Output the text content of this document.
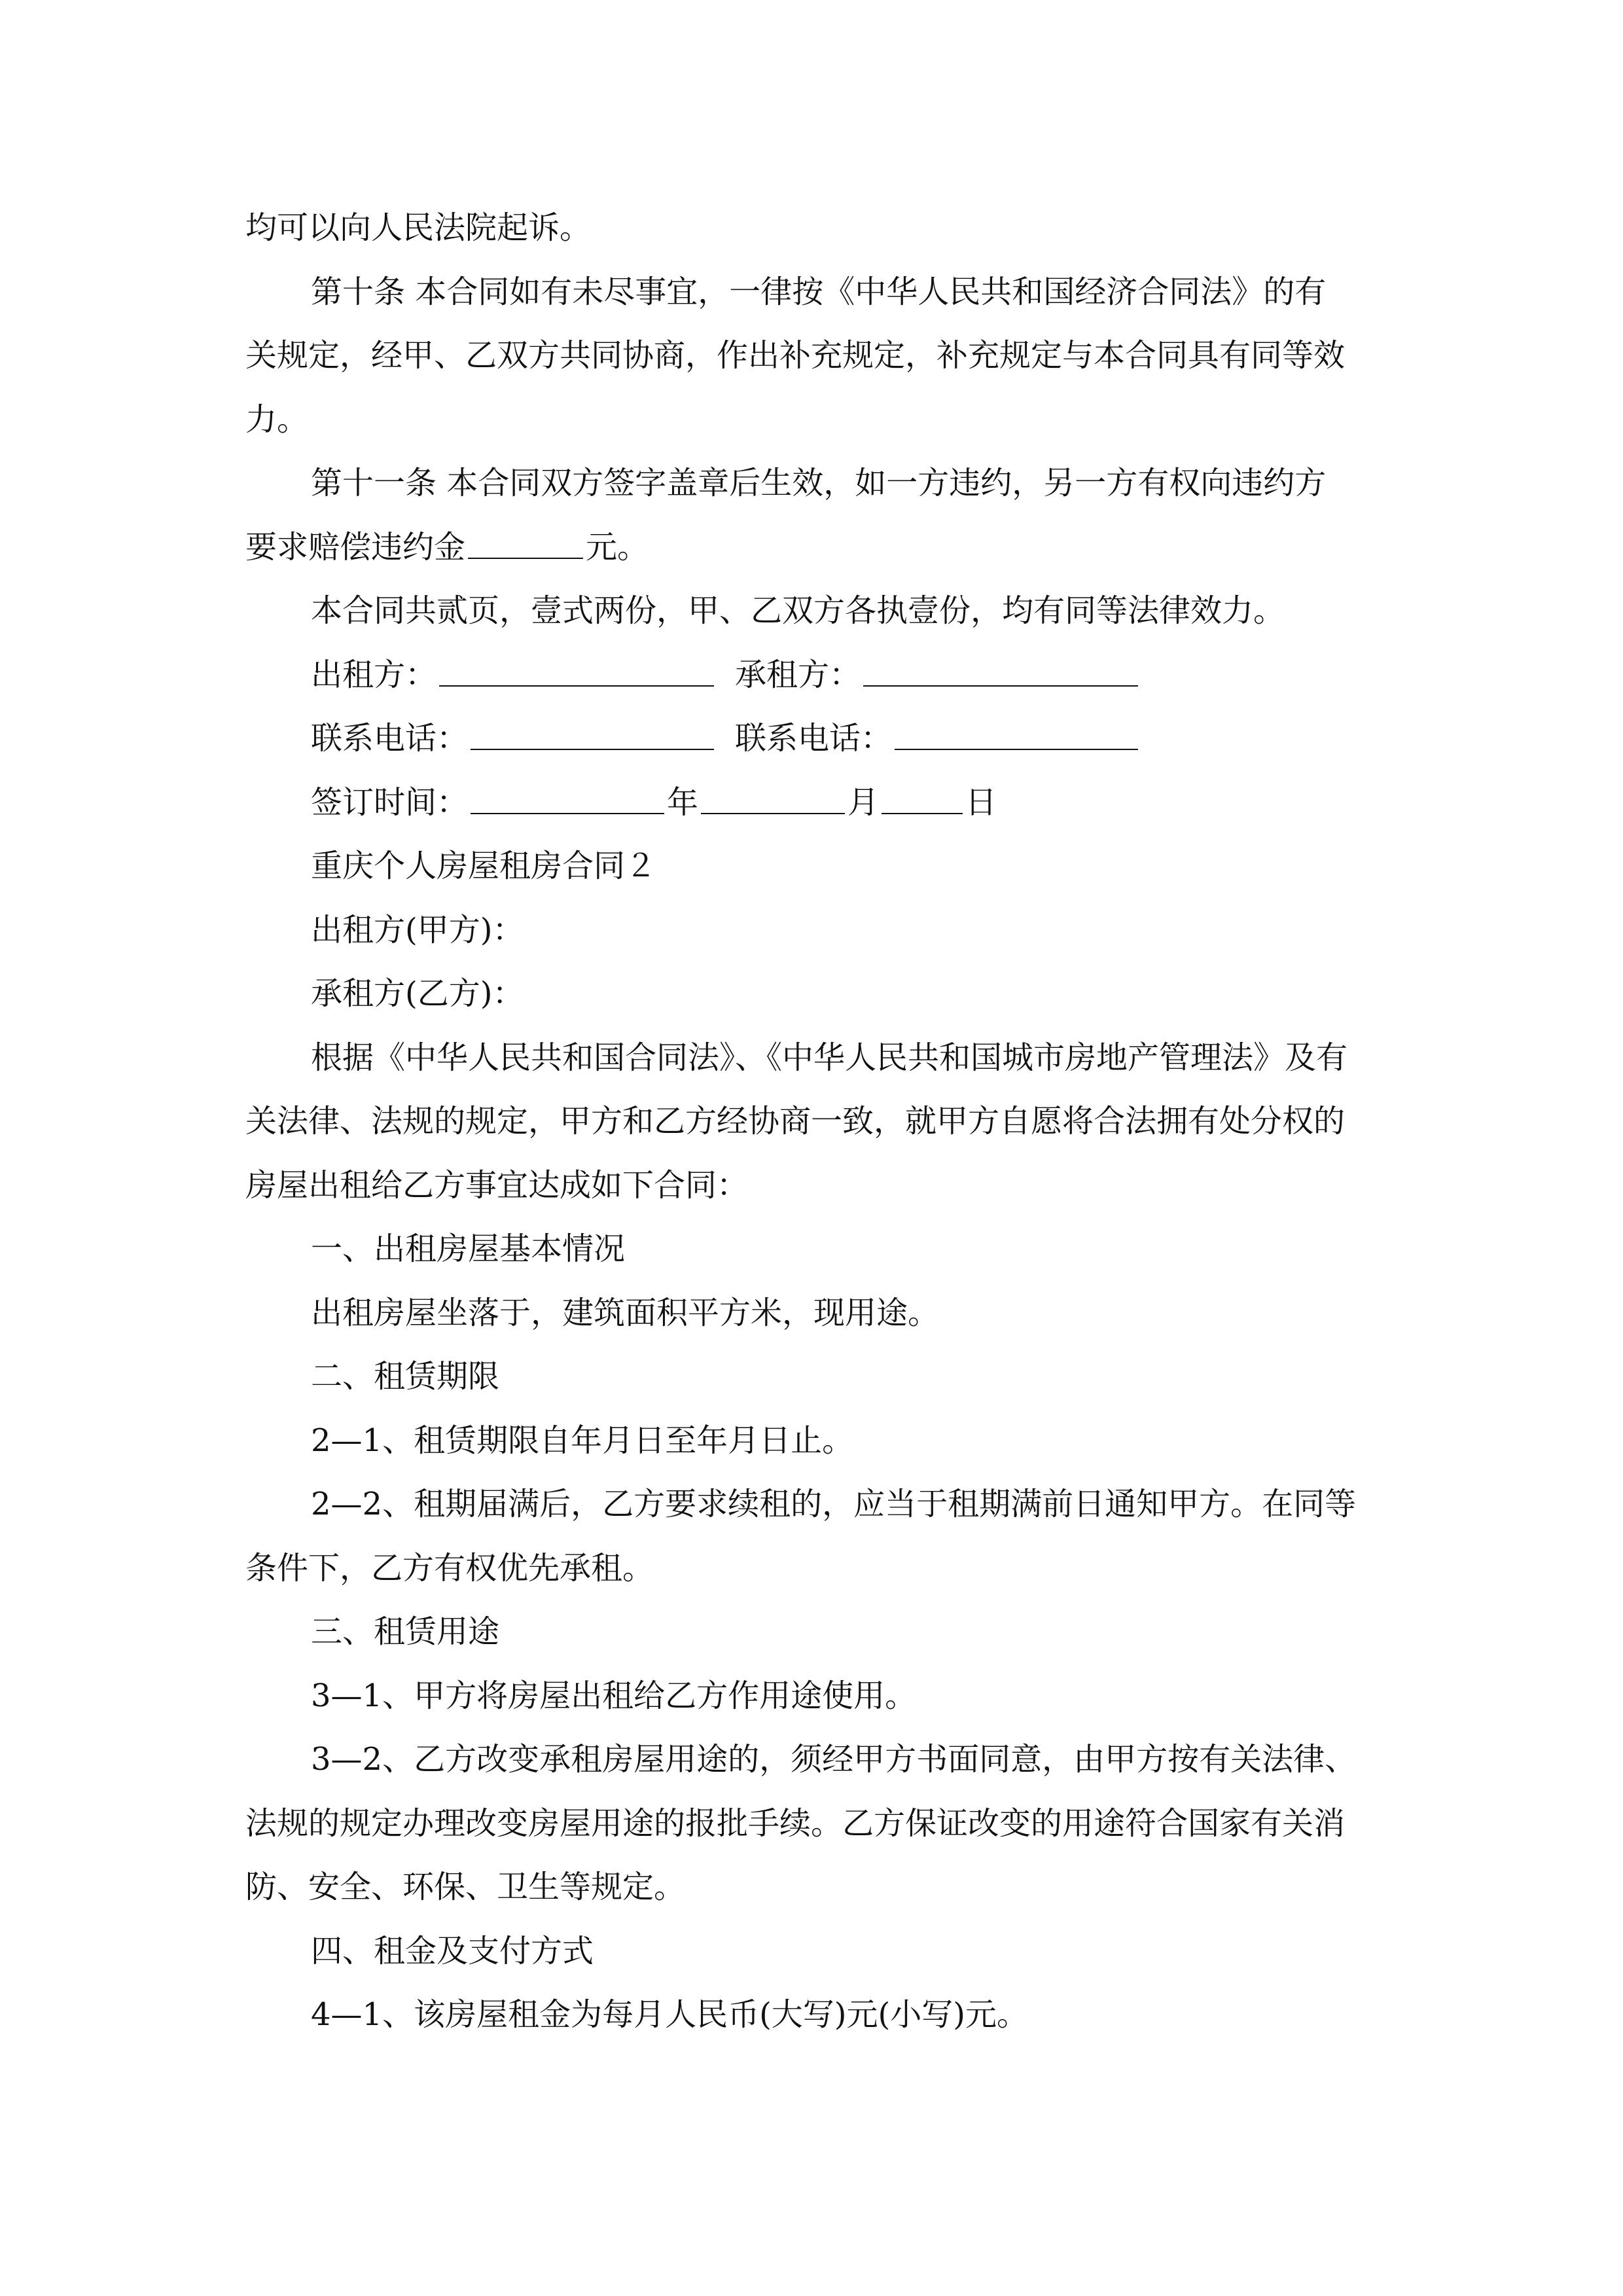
均可以向人民法院起诉。
第十条 本合同如有未尽事宜，一律按《中华人民共和国经济合同法》的有
关规定，经甲、乙双方共同协商，作出补充规定，补充规定与本合同具有同等效
力。
第十一条 本合同双方签字盖章后生效，如一方违约，另一方有权向违约方
要求赔偿违约金	元。
本合同共贰页，壹式两份，甲、乙双方各执壹份，均有同等法律效力。
出租方：	承租方：
联系电话：	联系电话：
签订时间：	年	月	日
重庆个人房屋租房合同２
出租方(甲方)：
承租方(乙方)：
根据《中华人民共和国合同法》、《中华人民共和国城市房地产管理法》及有
关法律、法规的规定，甲方和乙方经协商一致，就甲方自愿将合法拥有处分权的
房屋出租给乙方事宜达成如下合同：
一、出租房屋基本情况
出租房屋坐落于，建筑面积平方米，现用途。
二、租赁期限
2—1、租赁期限自年月日至年月日止。
2—2、租期届满后，乙方要求续租的，应当于租期满前日通知甲方。在同等
条件下，乙方有权优先承租。
三、租赁用途
3—1、甲方将房屋出租给乙方作用途使用。
3—2、乙方改变承租房屋用途的，须经甲方书面同意，由甲方按有关法律、
法规的规定办理改变房屋用途的报批手续。乙方保证改变的用途符合国家有关消
防、安全、环保、卫生等规定。
四、租金及支付方式
4—1、该房屋租金为每月人民币(大写)元(小写)元。
